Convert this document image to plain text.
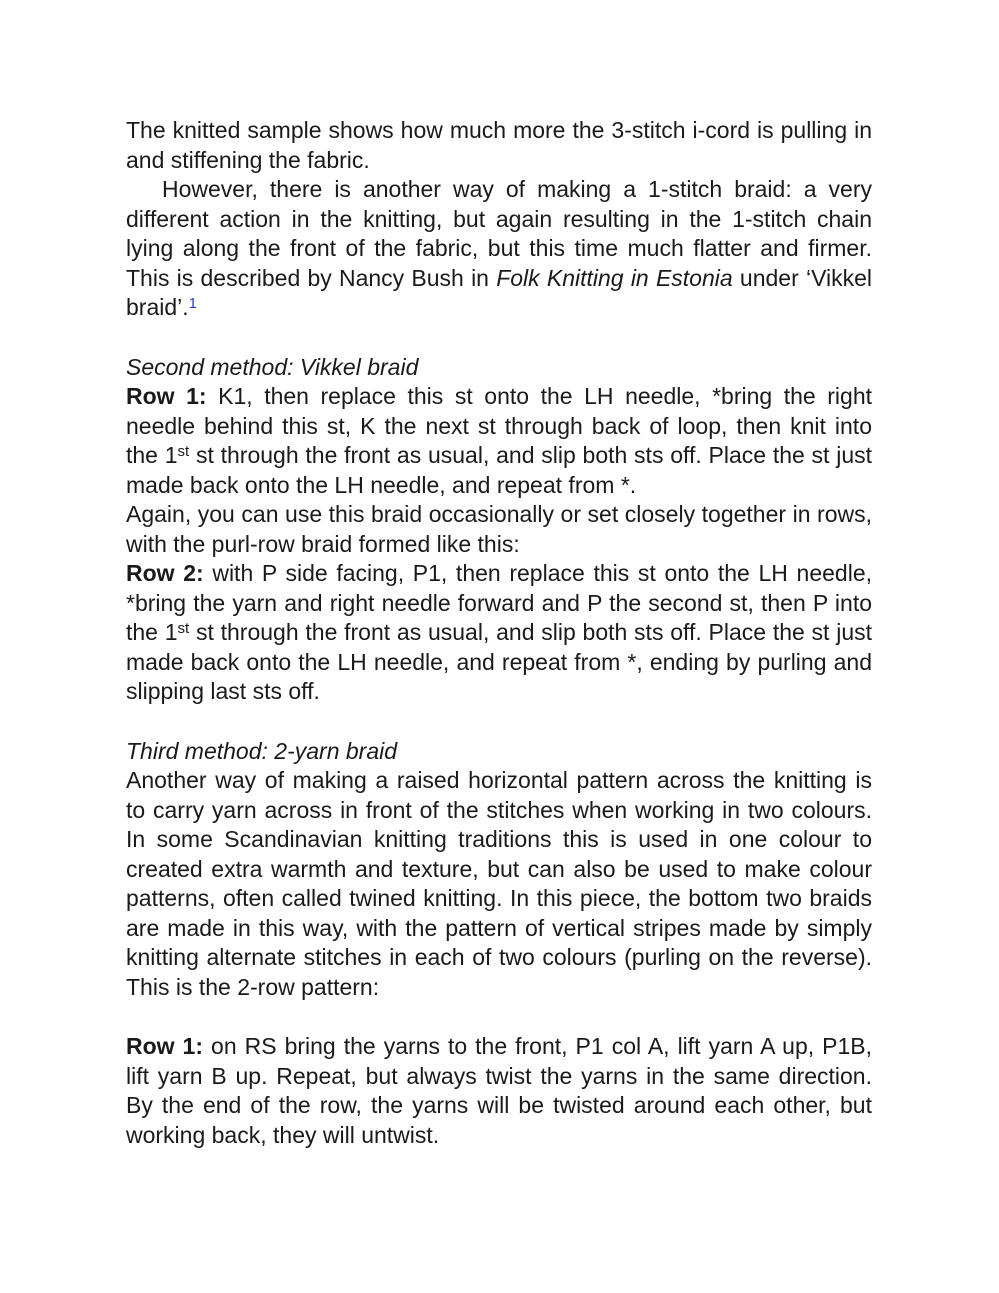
The knitted sample shows how much more the 3-stitch i-cord is pulling in and stiffening the fabric.

However, there is another way of making a 1-stitch braid: a very different action in the knitting, but again resulting in the 1-stitch chain lying along the front of the fabric, but this time much flatter and firmer. This is described by Nancy Bush in Folk Knitting in Estonia under ‘Vikkel braid’.$^1$

Second method: Vikkel braid

Row 1: K1, then replace this st onto the LH needle, *bring the right needle behind this st, K the next st through back of loop, then knit into the 1st st through the front as usual, and slip both sts off. Place the st just made back onto the LH needle, and repeat from *.

Again, you can use this braid occasionally or set closely together in rows, with the purl-row braid formed like this:

Row 2: with P side facing, P1, then replace this st onto the LH needle, *bring the yarn and right needle forward and P the second st, then P into the 1st st through the front as usual, and slip both sts off. Place the st just made back onto the LH needle, and repeat from *, ending by purling and slipping last sts off.

Third method: 2-yarn braid

Another way of making a raised horizontal pattern across the knitting is to carry yarn across in front of the stitches when working in two colours. In some Scandinavian knitting traditions this is used in one colour to created extra warmth and texture, but can also be used to make colour patterns, often called twined knitting. In this piece, the bottom two braids are made in this way, with the pattern of vertical stripes made by simply knitting alternate stitches in each of two colours (purling on the reverse). This is the 2-row pattern:

Row 1: on RS bring the yarns to the front, P1 col A, lift yarn A up, P1B, lift yarn B up. Repeat, but always twist the yarns in the same direction. By the end of the row, the yarns will be twisted around each other, but working back, they will untwist.
